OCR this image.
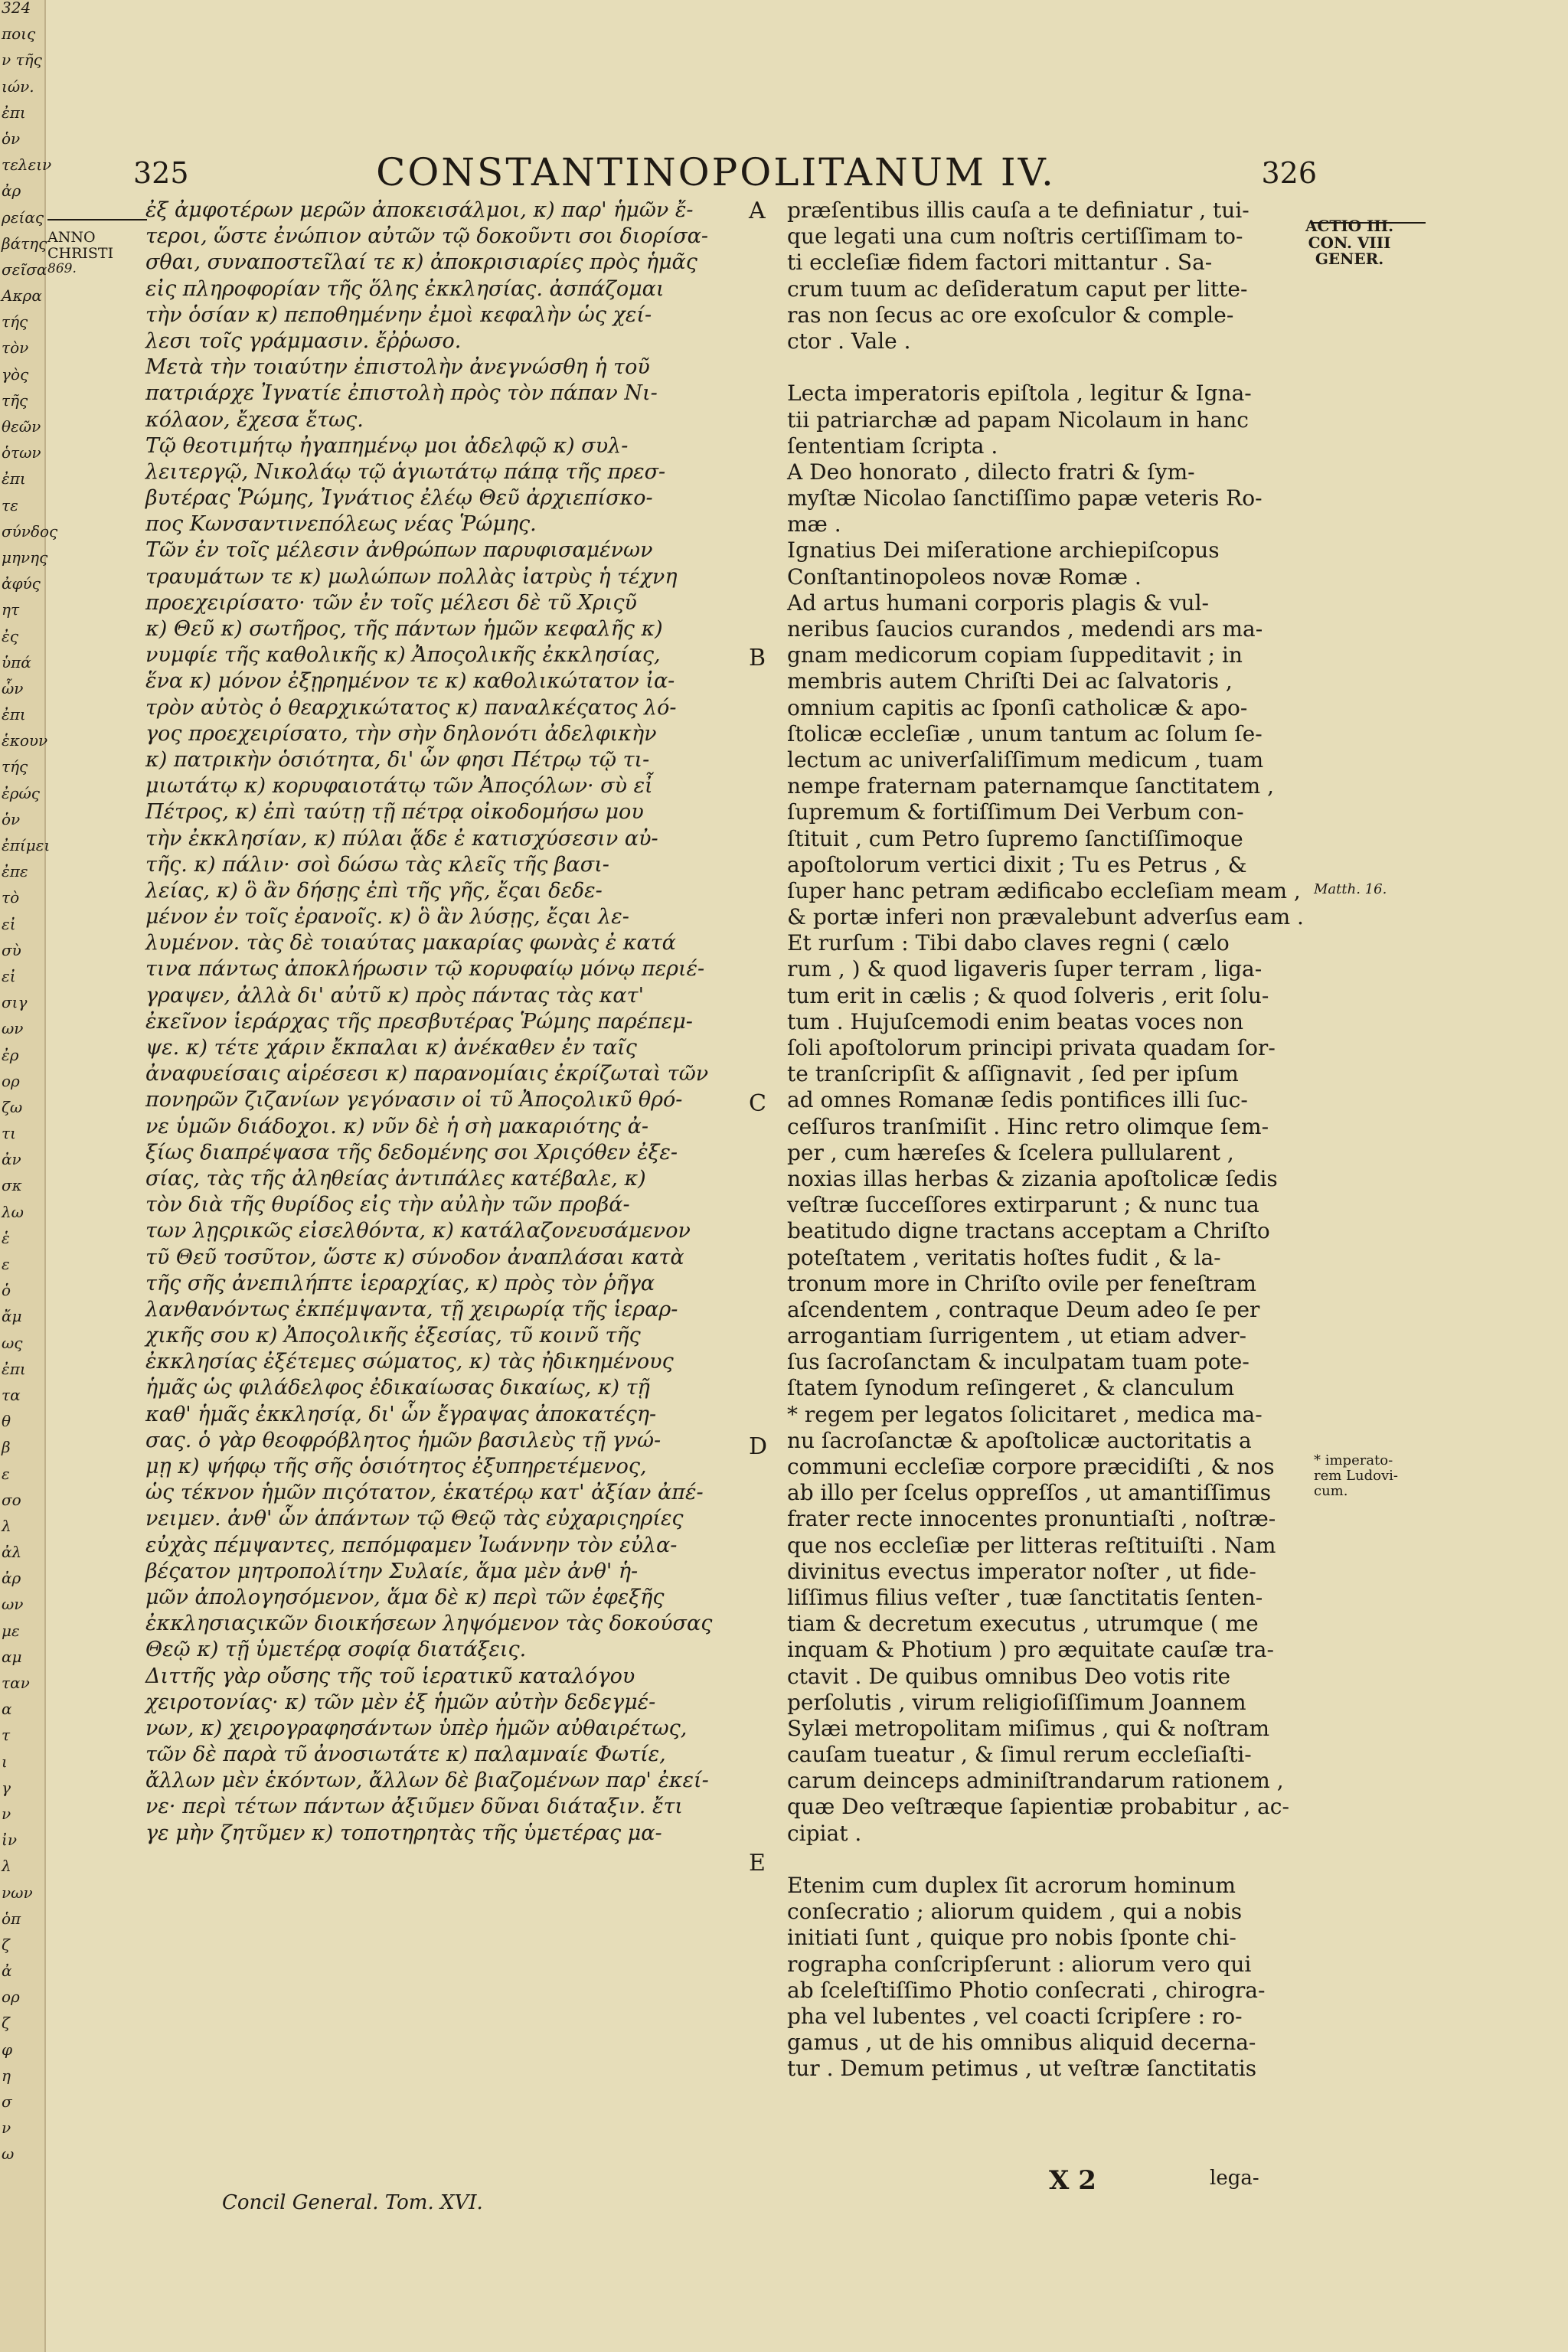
324
ποις
ν τῆς
ιών.
ἐπι
ὁν
τελειν
ἀρ
ρείας
βάτης
σεῖσα
Ακρα
τής
τὸν
γὸς
τῆς
θεῶν
ὁτων
ἐπι
τε
σύνδος
μηνης
ἀφύς
ητ
ἐς
ὑπά
ὧν
ἐπι
ἑκουν
τής
ἐρώς
ὁν
ἐπίμει
ἐπε
τὸ
εἰ
σὺ
εἰ
σιγ
ων
ἐρ
ορ
ζω
τι
ἀν
σκ
λω
ἑ
ε
ὁ
ἄμ
ως
ἐπι
τα
θ
β
ε
σο
λ
ἀλ
ἀρ
ων
με
αμ
ταν
α
τ
ι
γ
ν
ἰν
λ
νων
ὁπ
ζ
ἀ
ορ
ζ
φ
η
σ
ν
ω
325	CONSTANTINOPOLITANUM IV.	326
ANNO
CHRISTI
869.
ACTIO III.
CON. VIII
GENER.
ἐξ ἀμφοτέρων μερῶν ἀποκεισάλμοι, κ) παρ' ἡμῶν ἔ-
τεροι, ὥστε ἐνώπιον αὐτῶν τῷ δοκοῦντι σοι διορίσα-
σθαι, συναποστεῖλαί τε κ) ἀποκρισιαρίες πρὸς ἡμᾶς
εἰς πληροφορίαν τῆς ὅλης ἐκκλησίας. ἀσπάζομαι
τὴν ὁσίαν κ) πεποθημένην ἐμοὶ κεφαλὴν ὡς χεί-
λεσι τοῖς γράμμασιν. ἔῤῥωσο.
Μετὰ τὴν τοιαύτην ἐπιστολὴν ἀνεγνώσθη ἡ τοῦ
πατριάρχε Ἰγνατίε ἐπιστολὴ πρὸς τὸν πάπαν Νι-
κόλαον, ἔχεσα ἔτως.
Τῷ θεοτιμήτῳ ἠγαπημένῳ μοι ἀδελφῷ κ) συλ-
λειτεργῷ, Νικολάῳ τῷ ἁγιωτάτῳ πάπᾳ τῆς πρεσ-
βυτέρας Ῥώμης, Ἰγνάτιος ἐλέῳ Θεῦ ἀρχιεπίσκο-
πος Κωνσαντινεπόλεως νέας Ῥώμης.
Τῶν ἐν τοῖς μέλεσιν ἀνθρώπων παρυφισαμένων
τραυμάτων τε κ) μωλώπων πολλὰς ἰατρὺς ἡ τέχνη
προεχειρίσατο· τῶν ἐν τοῖς μέλεσι δὲ τῦ Χριςῦ
κ) Θεῦ κ) σωτῆρος, τῆς πάντων ἡμῶν κεφαλῆς κ)
νυμφίε τῆς καθολικῆς κ) Ἀποςολικῆς ἐκκλησίας,
ἕνα κ) μόνον ἐξῃρημένον τε κ) καθολικώτατον ἰα-
τρὸν αὐτὸς ὁ θεαρχικώτατος κ) παναλκέςατος λό-
γος προεχειρίσατο, τὴν σὴν δηλονότι ἀδελφικὴν
κ) πατρικὴν ὁσιότητα, δι' ὧν φησι Πέτρῳ τῷ τι-
μιωτάτῳ κ) κορυφαιοτάτῳ τῶν Ἀποςόλων· σὺ εἶ
Πέτρος, κ) ἐπὶ ταύτῃ τῇ πέτρᾳ οἰκοδομήσω μου
τὴν ἐκκλησίαν, κ) πύλαι ᾅδε ἐ κατισχύσεσιν αὐ-
τῆς. κ) πάλιν· σοὶ δώσω τὰς κλεῖς τῆς βασι-
λείας, κ) ὃ ἂν δήσῃς ἐπὶ τῆς γῆς, ἔςαι δεδε-
μένον ἐν τοῖς ἐρανοῖς. κ) ὃ ἂν λύσῃς, ἔςαι λε-
λυμένον. τὰς δὲ τοιαύτας μακαρίας φωνὰς ἐ κατά
τινα πάντως ἀποκλήρωσιν τῷ κορυφαίῳ μόνῳ περιέ-
γραψεν, ἀλλὰ δι' αὐτῦ κ) πρὸς πάντας τὰς κατ'
ἐκεῖνον ἱεράρχας τῆς πρεσβυτέρας Ῥώμης παρέπεμ-
ψε. κ) τέτε χάριν ἔκπαλαι κ) ἀνέκαθεν ἐν ταῖς
ἀναφυείσαις αἱρέσεσι κ) παρανομίαις ἐκρίζωταὶ τῶν
πονηρῶν ζιζανίων γεγόνασιν οἱ τῦ Ἀποςολικῦ θρό-
νε ὑμῶν διάδοχοι. κ) νῦν δὲ ἡ σὴ μακαριότης ἀ-
ξίως διαπρέψασα τῆς δεδομένης σοι Χριςόθεν ἐξε-
σίας, τὰς τῆς ἀληθείας ἀντιπάλες κατέβαλε, κ)
τὸν διὰ τῆς θυρίδος εἰς τὴν αὐλὴν τῶν προβά-
των λῃςρικῶς εἰσελθόντα, κ) κατάλαζονευσάμενον
τῦ Θεῦ τοσῦτον, ὥστε κ) σύνοδον ἀναπλάσαι κατὰ
τῆς σῆς ἀνεπιλήπτε ἱεραρχίας, κ) πρὸς τὸν ῥῆγα
λανθανόντως ἐκπέμψαντα, τῇ χειρωρίᾳ τῆς ἱεραρ-
χικῆς σου κ) Ἀποςολικῆς ἐξεσίας, τῦ κοινῦ τῆς
ἐκκλησίας ἐξέτεμες σώματος, κ) τὰς ἠδικημένους
ἡμᾶς ὡς φιλάδελφος ἐδικαίωσας δικαίως, κ) τῇ
καθ' ἡμᾶς ἐκκλησίᾳ, δι' ὧν ἔγραψας ἀποκατέςη-
σας. ὁ γὰρ θεοφρόβλητος ἡμῶν βασιλεὺς τῇ γνώ-
μῃ κ) ψήφῳ τῆς σῆς ὁσιότητος ἐξυπηρετέμενος,
ὡς τέκνον ἡμῶν πιςότατον, ἑκατέρῳ κατ' ἀξίαν ἀπέ-
νειμεν. ἀνθ' ὧν ἁπάντων τῷ Θεῷ τὰς εὐχαριςηρίες
εὐχὰς πέμψαντες, πεπόμφαμεν Ἰωάννην τὸν εὐλα-
βέςατον μητροπολίτην Συλαίε, ἅμα μὲν ἀνθ' ἡ-
μῶν ἀπολογησόμενον, ἅμα δὲ κ) περὶ τῶν ἐφεξῆς
ἐκκλησιαςικῶν διοικήσεων ληψόμενον τὰς δοκούσας
Θεῷ κ) τῇ ὑμετέρᾳ σοφίᾳ διατάξεις.
Διττῆς γὰρ οὔσης τῆς τοῦ ἱερατικῦ καταλόγου
χειροτονίας· κ) τῶν μὲν ἐξ ἡμῶν αὐτὴν δεδεγμέ-
νων, κ) χειρογραφησάντων ὑπὲρ ἡμῶν αὐθαιρέτως,
τῶν δὲ παρὰ τῦ ἀνοσιωτάτε κ) παλαμναίε Φωτίε,
ἄλλων μὲν ἑκόντων, ἄλλων δὲ βιαζομένων παρ' ἐκεί-
νε· περὶ τέτων πάντων ἀξιῦμεν δῦναι διάταξιν. ἔτι
γε μὴν ζητῦμεν κ) τοποτηρητὰς τῆς ὑμετέρας μα-
præſentibus illis cauſa a te definiatur , tui-
que legati una cum noſtris certiſſimam to-
ti eccleſiæ fidem factori mittantur . Sa-
crum tuum ac deſideratum caput per litte-
ras non ſecus ac ore exoſculor & comple-
ctor . Vale .
Lecta imperatoris epiſtola , legitur & Igna-
tii patriarchæ ad papam Nicolaum in hanc
ſententiam ſcripta .
A Deo honorato , dilecto fratri & ſym-
myſtæ Nicolao ſanctiſſimo papæ veteris Ro-
mæ .
Ignatius Dei miſeratione archiepiſcopus
Conſtantinopoleos novæ Romæ .
Ad artus humani corporis plagis & vul-
neribus ſaucios curandos , medendi ars ma-
gnam medicorum copiam ſuppeditavit ; in
membris autem Chriſti Dei ac ſalvatoris ,
omnium capitis ac ſponſi catholicæ & apo-
ſtolicæ eccleſiæ , unum tantum ac ſolum ſe-
lectum ac univerſaliſſimum medicum , tuam
nempe fraternam paternamque ſanctitatem ,
ſupremum & fortiſſimum Dei Verbum con-
ſtituit , cum Petro ſupremo ſanctiſſimoque
apoſtolorum vertici dixit ; Tu es Petrus , &
ſuper hanc petram ædificabo eccleſiam meam ,
& portæ inferi non prævalebunt adverſus eam .
Et rurſum : Tibi dabo claves regni ( cælo
rum , ) & quod ligaveris ſuper terram , liga-
tum erit in cælis ; & quod ſolveris , erit ſolu-
tum . Hujuſcemodi enim beatas voces non
ſoli apoſtolorum principi privata quadam ſor-
te tranſcripſit & aſſignavit , ſed per ipſum
ad omnes Romanæ ſedis pontifices illi ſuc-
ceſſuros tranſmiſit . Hinc retro olimque ſem-
per , cum hæreſes & ſcelera pullularent ,
noxias illas herbas & zizania apoſtolicæ ſedis
veſtræ ſucceſſores extirparunt ; & nunc tua
beatitudo digne tractans acceptam a Chriſto
poteſtatem , veritatis hoſtes fudit , & la-
tronum more in Chriſto ovile per feneſtram
aſcendentem , contraque Deum adeo ſe per
arrogantiam ſurrigentem , ut etiam adver-
ſus ſacroſanctam & inculpatam tuam pote-
ſtatem ſynodum reſingeret , & clanculum
* regem per legatos ſolicitaret , medica ma-
nu ſacroſanctæ & apoſtolicæ auctoritatis a
communi eccleſiæ corpore præcidiſti , & nos
ab illo per ſcelus oppreſſos , ut amantiſſimus
frater recte innocentes pronuntiaſti , noſtræ-
que nos eccleſiæ per litteras reſtituiſti . Nam
divinitus evectus imperator noſter , ut fide-
liſſimus filius veſter , tuæ ſanctitatis ſenten-
tiam & decretum executus , utrumque ( me
inquam & Photium ) pro æquitate cauſæ tra-
ctavit . De quibus omnibus Deo votis rite
perſolutis , virum religioſiſſimum Joannem
Sylæi metropolitam miſimus , qui & noſtram
cauſam tueatur , & ſimul rerum eccleſiaſti-
carum deinceps adminiſtrandarum rationem ,
quæ Deo veſtræque ſapientiæ probabitur , ac-
cipiat .
Etenim cum duplex ſit acrorum hominum
conſecratio ; aliorum quidem , qui a nobis
initiati ſunt , quique pro nobis ſponte chi-
rographa conſcripſerunt : aliorum vero qui
ab ſceleſtiſſimo Photio conſecrati , chirogra-
pha vel lubentes , vel coacti ſcripſere : ro-
gamus , ut de his omnibus aliquid decerna-
tur . Demum petimus , ut veſtræ ſanctitatis
A
B
C
D
E
Matth. 16.
* imperato-
rem Ludovi-
cum.
Concil General. Tom. XVI.
X 2	lega-
